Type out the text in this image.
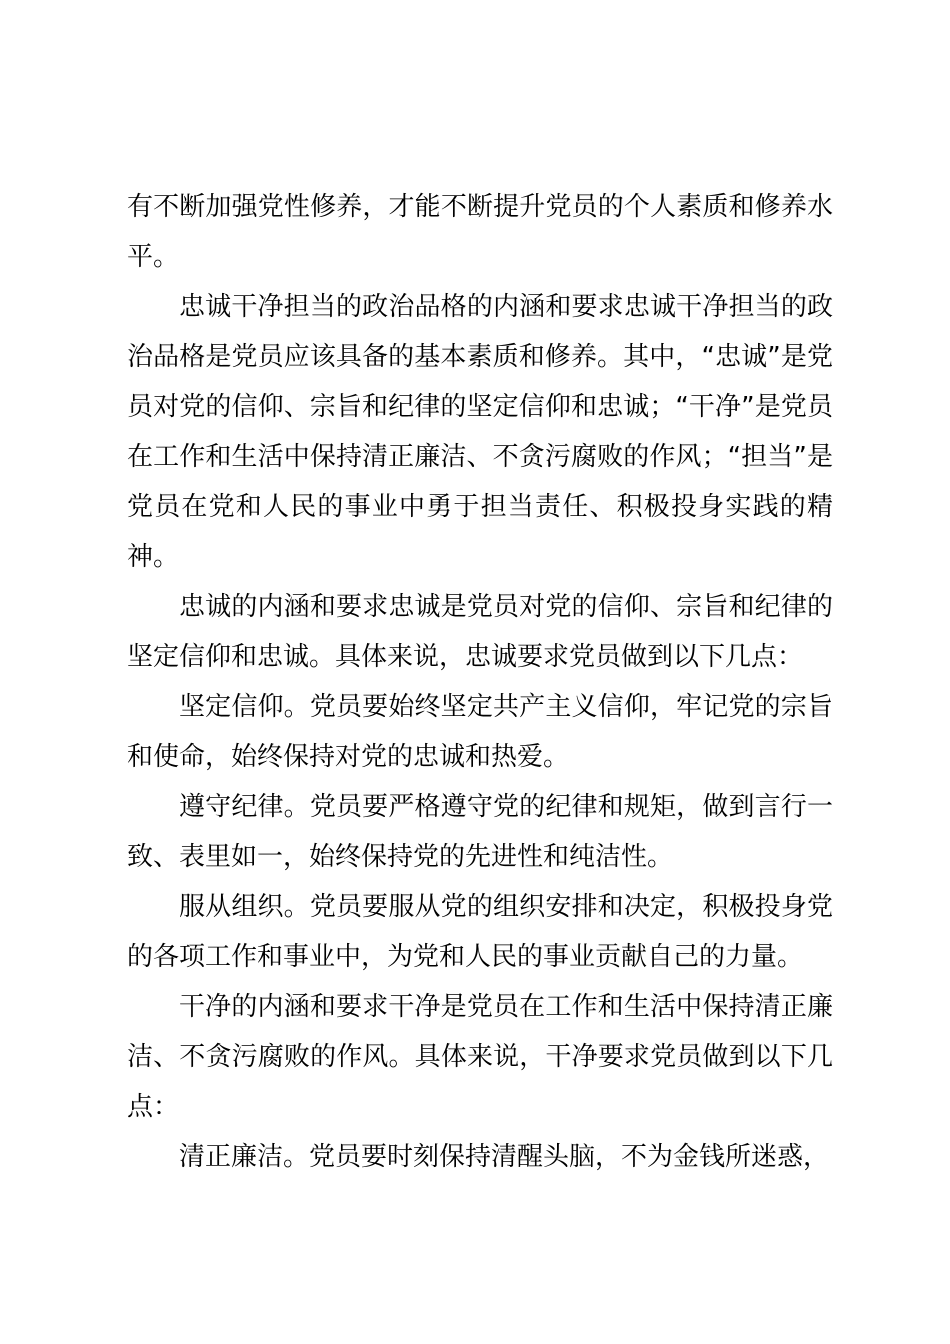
有不断加强党性修养，才能不断提升党员的个人素质和修养水平。

忠诚干净担当的政治品格的内涵和要求忠诚干净担当的政治品格是党员应该具备的基本素质和修养。其中，“忠诚”是党员对党的信仰、宗旨和纪律的坚定信仰和忠诚；“干净”是党员在工作和生活中保持清正廉洁、不贪污腐败的作风；“担当”是党员在党和人民的事业中勇于担当责任、积极投身实践的精神。

忠诚的内涵和要求忠诚是党员对党的信仰、宗旨和纪律的坚定信仰和忠诚。具体来说，忠诚要求党员做到以下几点：

坚定信仰。党员要始终坚定共产主义信仰，牢记党的宗旨和使命，始终保持对党的忠诚和热爱。

遵守纪律。党员要严格遵守党的纪律和规矩，做到言行一致、表里如一，始终保持党的先进性和纯洁性。

服从组织。党员要服从党的组织安排和决定，积极投身党的各项工作和事业中，为党和人民的事业贡献自己的力量。

干净的内涵和要求干净是党员在工作和生活中保持清正廉洁、不贪污腐败的作风。具体来说，干净要求党员做到以下几点：

清正廉洁。党员要时刻保持清醒头脑，不为金钱所迷惑，
